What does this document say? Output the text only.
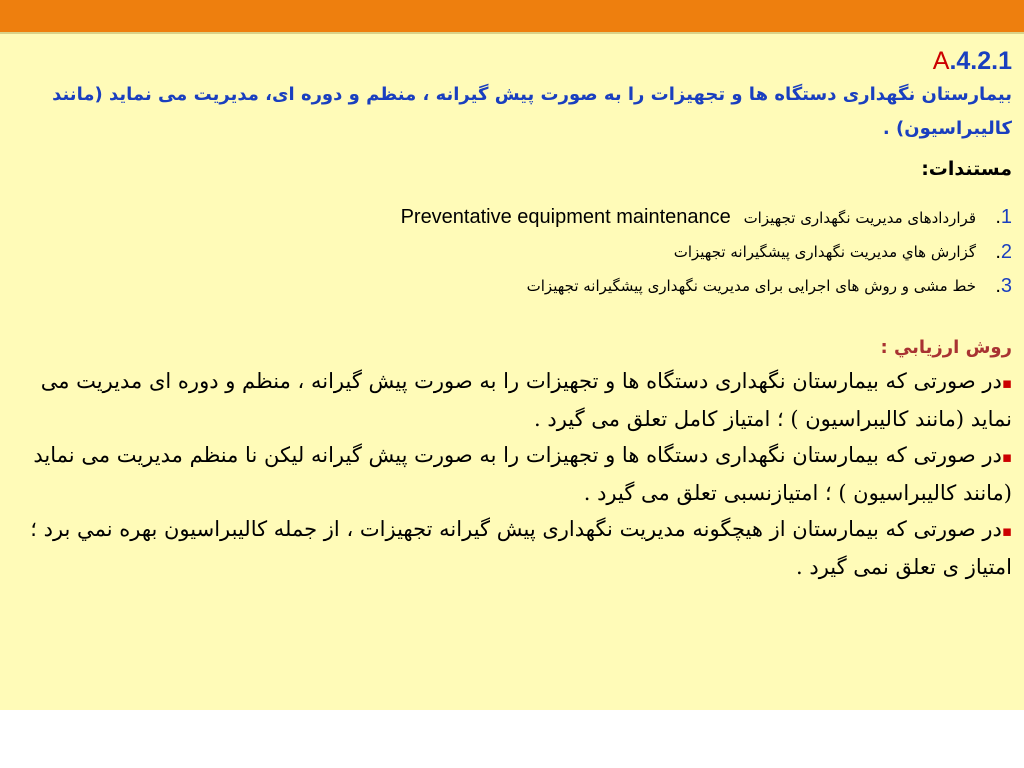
A.4.2.1

بیمارستان نگهداری دستگاه ها و تجهیزات را به صورت پیش گیرانه ، منظم و دوره ای، مدیریت می نماید (مانند کالیبراسیون) .

مستندات:

1.
قراردادهای مدیریت نگهداری تجهیزات Preventative equipment maintenance
2.
گزارش هاي مدیریت نگهداری پیشگیرانه تجهیزات
3.
خط مشی و روش های اجرایی برای مدیریت نگهداری پیشگیرانه تجهیزات

روش ارزیابي :

▪در صورتی که بیمارستان نگهداری دستگاه ها و تجهیزات را به صورت پیش گیرانه ، منظم و دوره ای مدیریت می نماید (مانند کالیبراسیون ) ؛ امتیاز کامل تعلق می گیرد .
▪در صورتی که بیمارستان نگهداری دستگاه ها و تجهیزات را به صورت پیش گیرانه لیکن نا منظم مدیریت می نماید (مانند کالیبراسیون ) ؛ امتیازنسبی تعلق می گیرد .
▪در صورتی که بیمارستان از هیچگونه مدیریت نگهداری پیش گیرانه تجهیزات ، از جمله کالیبراسیون بهره نمي برد ؛ امتیاز ی تعلق نمی گیرد .
